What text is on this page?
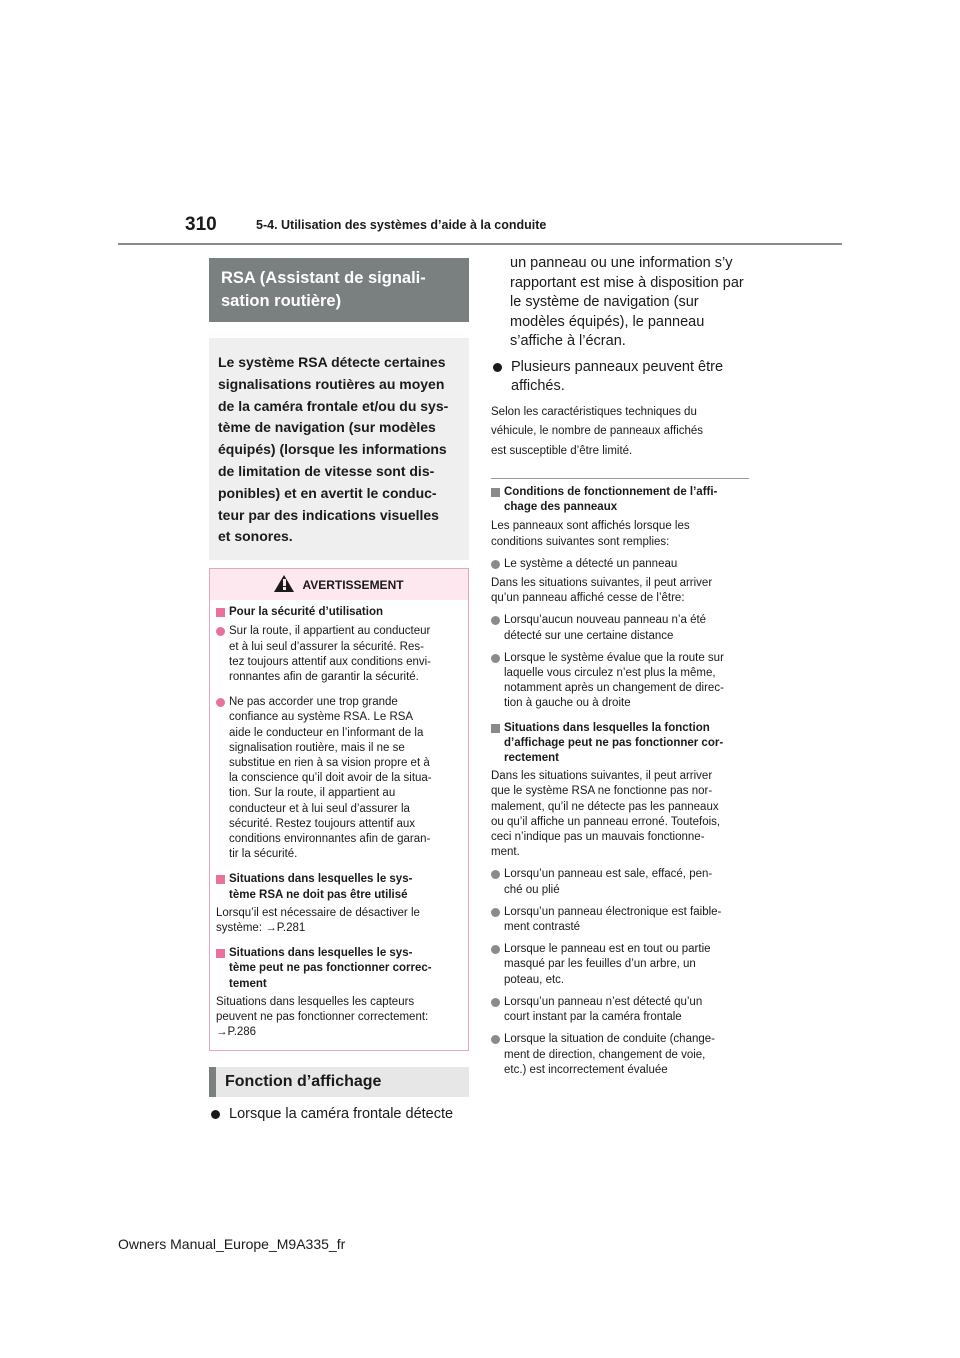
310	5-4. Utilisation des systèmes d’aide à la conduite
RSA (Assistant de signali-
sation routière)
Le système RSA détecte certaines
signalisations routières au moyen
de la caméra frontale et/ou du sys-
tème de navigation (sur modèles
équipés) (lorsque les informations
de limitation de vitesse sont dis-
ponibles) et en avertit le conduc-
teur par des indications visuelles
et sonores.
AVERTISSEMENT
Pour la sécurité d’utilisation
Sur la route, il appartient au conducteur
et à lui seul d’assurer la sécurité. Res-
tez toujours attentif aux conditions envi-
ronnantes afin de garantir la sécurité.
Ne pas accorder une trop grande
confiance au système RSA. Le RSA
aide le conducteur en l’informant de la
signalisation routière, mais il ne se
substitue en rien à sa vision propre et à
la conscience qu’il doit avoir de la situa-
tion. Sur la route, il appartient au
conducteur et à lui seul d’assurer la
sécurité. Restez toujours attentif aux
conditions environnantes afin de garan-
tir la sécurité.
Situations dans lesquelles le sys-
tème RSA ne doit pas être utilisé
Lorsqu’il est nécessaire de désactiver le
système: →P.281
Situations dans lesquelles le sys-
tème peut ne pas fonctionner correc-
tement
Situations dans lesquelles les capteurs
peuvent ne pas fonctionner correctement:
→P.286
Fonction d’affichage
Lorsque la caméra frontale détecte
un panneau ou une information s’y
rapportant est mise à disposition par
le système de navigation (sur
modèles équipés), le panneau
s’affiche à l’écran.
Plusieurs panneaux peuvent être
affichés.
Selon les caractéristiques techniques du
véhicule, le nombre de panneaux affichés
est susceptible d’être limité.
Conditions de fonctionnement de l’affi-
chage des panneaux
Les panneaux sont affichés lorsque les
conditions suivantes sont remplies:
Le système a détecté un panneau
Dans les situations suivantes, il peut arriver
qu’un panneau affiché cesse de l’être:
Lorsqu’aucun nouveau panneau n’a été
détecté sur une certaine distance
Lorsque le système évalue que la route sur
laquelle vous circulez n’est plus la même,
notamment après un changement de direc-
tion à gauche ou à droite
Situations dans lesquelles la fonction
d’affichage peut ne pas fonctionner cor-
rectement
Dans les situations suivantes, il peut arriver
que le système RSA ne fonctionne pas nor-
malement, qu’il ne détecte pas les panneaux
ou qu’il affiche un panneau erroné. Toutefois,
ceci n’indique pas un mauvais fonctionne-
ment.
Lorsqu’un panneau est sale, effacé, pen-
ché ou plié
Lorsqu’un panneau électronique est faible-
ment contrasté
Lorsque le panneau est en tout ou partie
masqué par les feuilles d’un arbre, un
poteau, etc.
Lorsqu’un panneau n’est détecté qu’un
court instant par la caméra frontale
Lorsque la situation de conduite (change-
ment de direction, changement de voie,
etc.) est incorrectement évaluée
Owners Manual_Europe_M9A335_fr
